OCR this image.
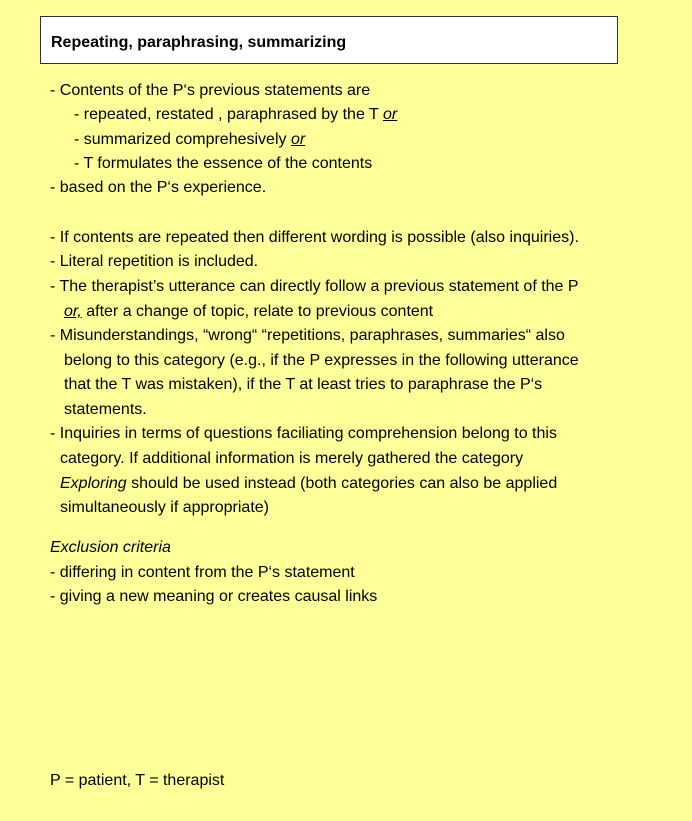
Repeating, paraphrasing, summarizing
- Contents of the P‘s previous statements are
- repeated, restated , paraphrased by the T or
- summarized comprehesively or
- T formulates the essence of the contents
- based on the P‘s experience.
- If contents are repeated then different wording is possible (also inquiries).
- Literal repetition is included.
- The therapist’s utterance can directly follow a previous statement of the P
or, after a change of topic, relate to previous content
- Misunderstandings, “wrong“ “repetitions, paraphrases, summaries“ also
belong to this category (e.g., if the P expresses in the following utterance
that the T was mistaken), if the T at least tries to paraphrase the P‘s
statements.
- Inquiries in terms of questions faciliating comprehension belong to this
category. If additional information is merely gathered the category
Exploring should be used instead (both categories can also be applied
simultaneously if appropriate)
Exclusion criteria
- differing in content from the P‘s statement
- giving a new meaning or creates causal links
P = patient, T = therapist
